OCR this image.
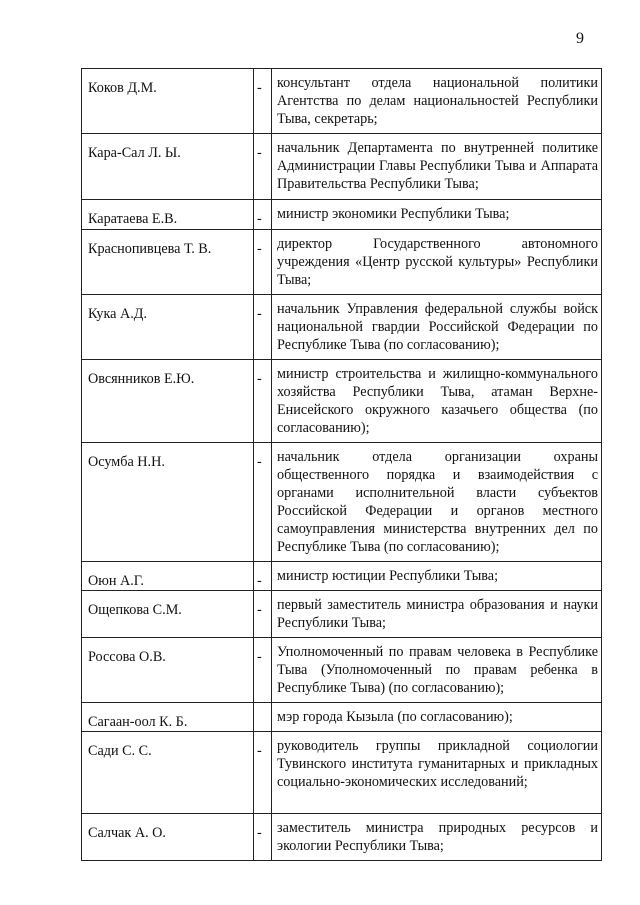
9
Коков Д.М.	-	консультант отдела национальной политики Агентства по делам национальностей Республики Тыва, секретарь;
Кара-Сал Л. Ы.	-	начальник Департамента по внутренней политике Администрации Главы Республики Тыва и Аппарата Правительства Республики Тыва;
Каратаева Е.В.	-	министр экономики Республики Тыва;
Краснопивцева Т. В.	-	директор Государственного автономного учреждения «Центр русской культуры» Республики Тыва;
Кука А.Д.	-	начальник Управления федеральной службы войск национальной гвардии Российской Федерации по Республике Тыва (по согласованию);
Овсянников Е.Ю.	-	министр строительства и жилищно-коммунального хозяйства Республики Тыва, атаман Верхне-Енисейского окружного казачьего общества (по согласованию);
Осумба Н.Н.	-	начальник отдела организации охраны общественного порядка и взаимодействия с органами исполнительной власти субъектов Российской Федерации и органов местного самоуправления министерства внутренних дел по Республике Тыва (по согласованию);
Оюн А.Г.	-	министр юстиции Республики Тыва;
Ощепкова С.М.	-	первый заместитель министра образования и науки Республики Тыва;
Россова О.В.	-	Уполномоченный по правам человека в Республике Тыва (Уполномоченный по правам ребенка в Республике Тыва) (по согласованию);
Сагаан-оол К. Б.		мэр города Кызыла (по согласованию);
Сади С. С.	-	руководитель группы прикладной социологии Тувинского института гуманитарных и прикладных социально-экономических исследований;
Салчак А. О.	-	заместитель министра природных ресурсов и экологии Республики Тыва;
